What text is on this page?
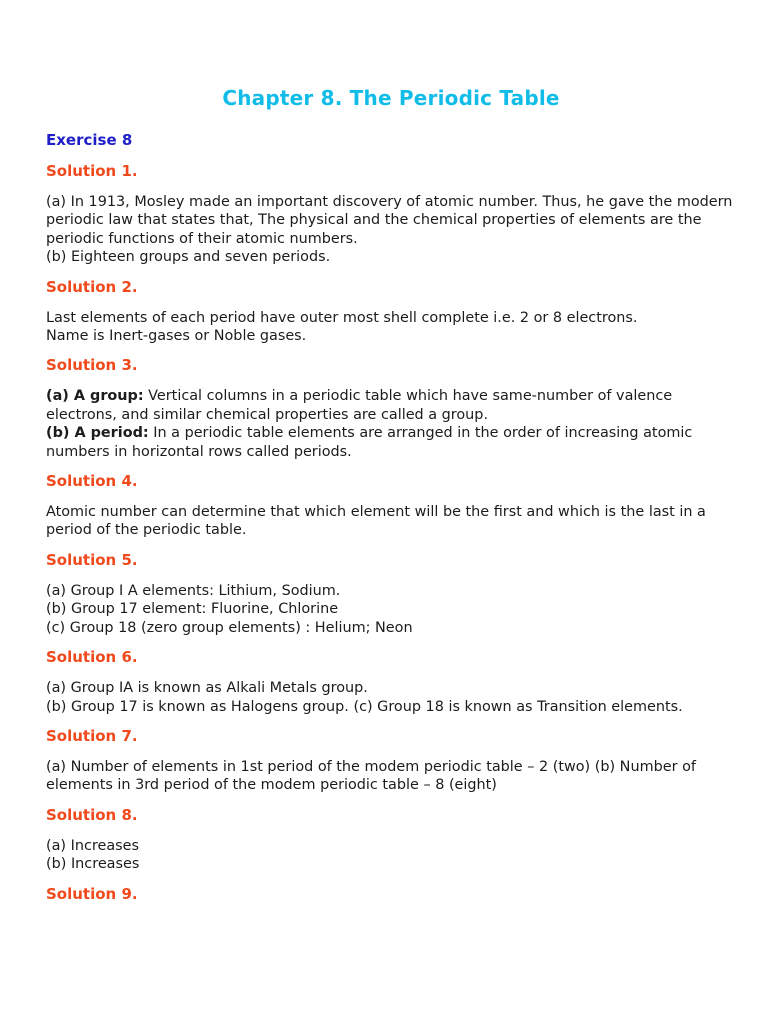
Chapter 8. The Periodic Table
Exercise 8
Solution 1.
(a) In 1913, Mosley made an important discovery of atomic number. Thus, he gave the modern periodic law that states that, The physical and the chemical properties of elements are the periodic functions of their atomic numbers.
(b) Eighteen groups and seven periods.
Solution 2.
Last elements of each period have outer most shell complete i.e. 2 or 8 electrons.
Name is Inert-gases or Noble gases.
Solution 3.
(a) A group: Vertical columns in a periodic table which have same-number of valence electrons, and similar chemical properties are called a group.
(b) A period: In a periodic table elements are arranged in the order of increasing atomic numbers in horizontal rows called periods.
Solution 4.
Atomic number can determine that which element will be the first and which is the last in a period of the periodic table.
Solution 5.
(a) Group I A elements: Lithium, Sodium.
(b) Group 17 element: Fluorine, Chlorine
(c) Group 18 (zero group elements) : Helium; Neon
Solution 6.
(a) Group IA is known as Alkali Metals group.
(b) Group 17 is known as Halogens group. (c) Group 18 is known as Transition elements.
Solution 7.
(a) Number of elements in 1st period of the modem periodic table – 2 (two) (b) Number of elements in 3rd period of the modem periodic table – 8 (eight)
Solution 8.
(a) Increases
(b) Increases
Solution 9.
